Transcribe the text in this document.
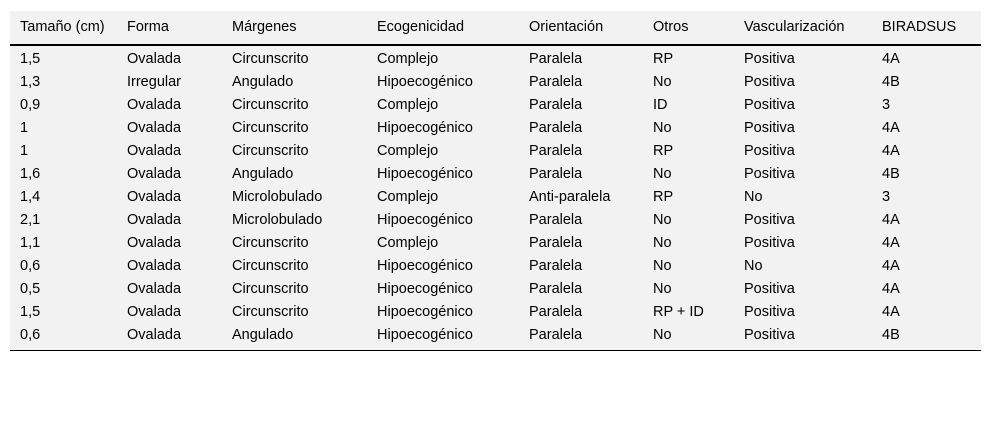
Tamaño (cm)	Forma	Márgenes	Ecogenicidad	Orientación	Otros	Vascularización	BIRADSUS
1,5	Ovalada	Circunscrito	Complejo	Paralela	RP	Positiva	4A
1,3	Irregular	Angulado	Hipoecogénico	Paralela	No	Positiva	4B
0,9	Ovalada	Circunscrito	Complejo	Paralela	ID	Positiva	3
1	Ovalada	Circunscrito	Hipoecogénico	Paralela	No	Positiva	4A
1	Ovalada	Circunscrito	Complejo	Paralela	RP	Positiva	4A
1,6	Ovalada	Angulado	Hipoecogénico	Paralela	No	Positiva	4B
1,4	Ovalada	Microlobulado	Complejo	Anti-paralela	RP	No	3
2,1	Ovalada	Microlobulado	Hipoecogénico	Paralela	No	Positiva	4A
1,1	Ovalada	Circunscrito	Complejo	Paralela	No	Positiva	4A
0,6	Ovalada	Circunscrito	Hipoecogénico	Paralela	No	No	4A
0,5	Ovalada	Circunscrito	Hipoecogénico	Paralela	No	Positiva	4A
1,5	Ovalada	Circunscrito	Hipoecogénico	Paralela	RP + ID	Positiva	4A
0,6	Ovalada	Angulado	Hipoecogénico	Paralela	No	Positiva	4B
